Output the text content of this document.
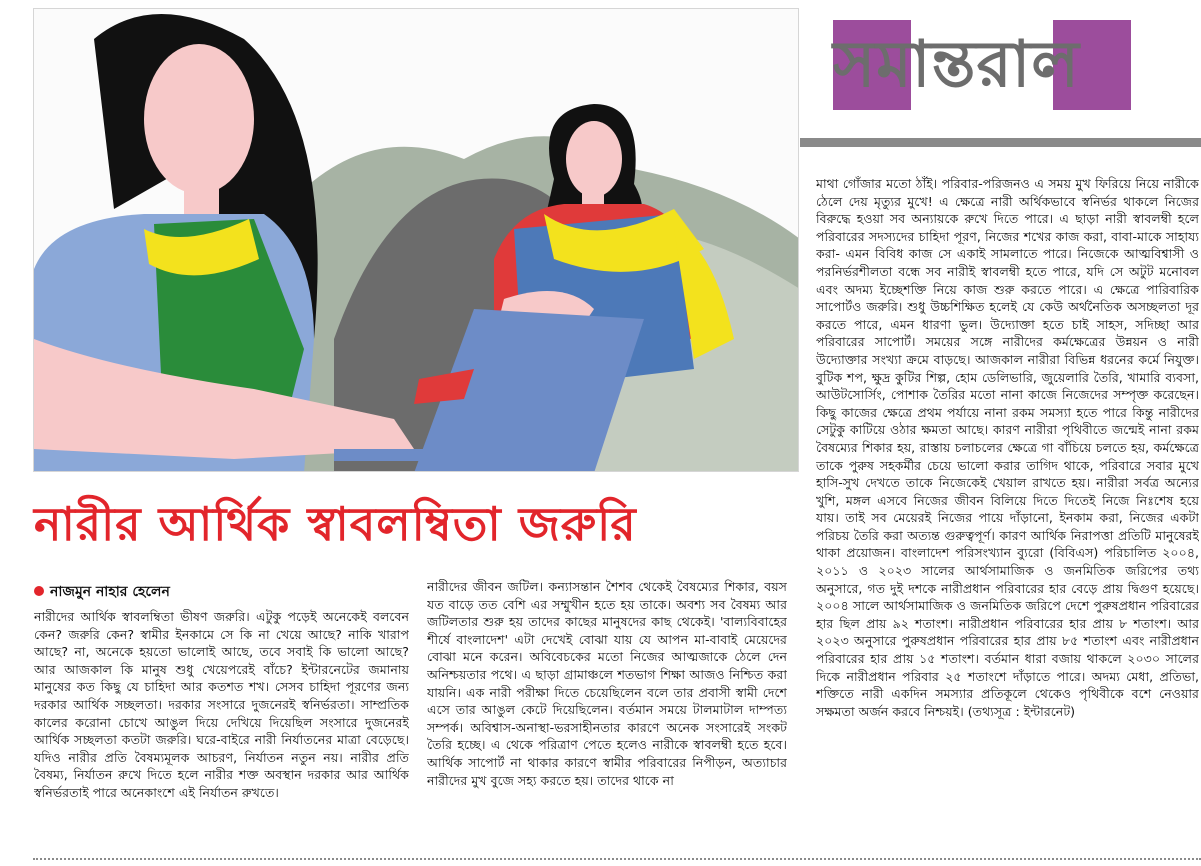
সমান্তরাল
নারীর আর্থিক স্বাবলম্বিতা জরুরি
নাজমুন নাহার হেলেন
নারীদের আর্থিক স্বাবলম্বিতা ভীষণ জরুরি। এটুকু পড়েই অনেকেই বলবেন কেন? জরুরি কেন? স্বামীর ইনকামে সে কি না খেয়ে আছে? নাকি খারাপ আছে? না, অনেকে হয়তো ভালোই আছে, তবে সবাই কি ভালো আছে? আর আজকাল কি মানুষ শুধু খেয়েপরেই বাঁচে? ইন্টারনেটের জমানায় মানুষের কত কিছু যে চাহিদা আর কতশত শখ। সেসব চাহিদা পূরণের জন্য দরকার আর্থিক সচ্ছলতা। দরকার সংসারে দুজনেরই স্বনির্ভরতা। সাম্প্রতিক কালের করোনা চোখে আঙুল দিয়ে দেখিয়ে দিয়েছিল সংসারে দুজনেরই আর্থিক সচ্ছলতা কতটা জরুরি। ঘরে-বাইরে নারী নির্যাতনের মাত্রা বেড়েছে। যদিও নারীর প্রতি বৈষম্যমূলক আচরণ, নির্যাতন নতুন নয়। নারীর প্রতি বৈষম্য, নির্যাতন রুখে দিতে হলে নারীর শক্ত অবস্থান দরকার আর আর্থিক স্বনির্ভরতাই পারে অনেকাংশে এই নির্যাতন রুখতে।
নারীদের জীবন জটিল। কন্যাসন্তান শৈশব থেকেই বৈষম্যের শিকার, বয়স যত বাড়ে তত বেশি এর সম্মুখীন হতে হয় তাকে। অবশ্য সব বৈষম্য আর জটিলতার শুরু হয় তাদের কাছের মানুষদের কাছ থেকেই। 'বাল্যবিবাহের শীর্ষে বাংলাদেশ' এটা দেখেই বোঝা যায় যে আপন মা-বাবাই মেয়েদের বোঝা মনে করেন। অবিবেচকের মতো নিজের আত্মজাকে ঠেলে দেন অনিশ্চয়তার পথে। এ ছাড়া গ্রামাঞ্চলে শতভাগ শিক্ষা আজও নিশ্চিত করা যায়নি। এক নারী পরীক্ষা দিতে চেয়েছিলেন বলে তার প্রবাসী স্বামী দেশে এসে তার আঙুল কেটে দিয়েছিলেন। বর্তমান সময়ে টালমাটাল দাম্পত্য সম্পর্ক। অবিশ্বাস-অনাস্থা-ভরসাহীনতার কারণে অনেক সংসারেই সংকট তৈরি হচ্ছে। এ থেকে পরিত্রাণ পেতে হলেও নারীকে স্বাবলম্বী হতে হবে। আর্থিক সাপোর্ট না থাকার কারণে স্বামীর পরিবারের নিপীড়ন, অত্যাচার নারীদের মুখ বুজে সহ্য করতে হয়। তাদের থাকে না
মাথা গোঁজার মতো ঠাঁই। পরিবার-পরিজনও এ সময় মুখ ফিরিয়ে নিয়ে নারীকে ঠেলে দেয় মৃত্যুর মুখে! এ ক্ষেত্রে নারী অর্থিকভাবে স্বনির্ভর থাকলে নিজের বিরুদ্ধে হওয়া সব অন্যায়কে রুখে দিতে পারে। এ ছাড়া নারী স্বাবলম্বী হলে পরিবারের সদস্যদের চাহিদা পূরণ, নিজের শখের কাজ করা, বাবা-মাকে সাহায্য করা- এমন বিবিধ কাজ সে একাই সামলাতে পারে। নিজেকে আত্মবিশ্বাসী ও পরনির্ভরশীলতা বন্ধে সব নারীই স্বাবলম্বী হতে পারে, যদি সে অটুট মনোবল এবং অদম্য ইচ্ছেশক্তি নিয়ে কাজ শুরু করতে পারে। এ ক্ষেত্রে পারিবারিক সাপোর্টও জরুরি। শুধু উচ্চশিক্ষিত হলেই যে কেউ অর্থনৈতিক অসচ্ছলতা দূর করতে পারে, এমন ধারণা ভুল। উদ্যোক্তা হতে চাই সাহস, সদিচ্ছা আর পরিবারের সাপোর্ট। সময়ের সঙ্গে নারীদের কর্মক্ষেত্রের উন্নয়ন ও নারী উদ্যোক্তার সংখ্যা ক্রমে বাড়ছে। আজকাল নারীরা বিভিন্ন ধরনের কর্মে নিযুক্ত। বুটিক শপ, ক্ষুদ্র কুটির শিল্প, হোম ডেলিভারি, জুয়েলারি তৈরি, খামারি ব্যবসা, আউটসোর্সিং, পোশাক তৈরির মতো নানা কাজে নিজেদের সম্পৃক্ত করেছেন। কিছু কাজের ক্ষেত্রে প্রথম পর্যায়ে নানা রকম সমস্যা হতে পারে কিন্তু নারীদের সেটুকু কাটিয়ে ওঠার ক্ষমতা আছে। কারণ নারীরা পৃথিবীতে জন্মেই নানা রকম বৈষম্যের শিকার হয়, রাস্তায় চলাচলের ক্ষেত্রে গা বাঁচিয়ে চলতে হয়, কর্মক্ষেত্রে তাকে পুরুষ সহকর্মীর চেয়ে ভালো করার তাগিদ থাকে, পরিবারে সবার মুখে হাসি-সুখ দেখতে তাকে নিজেকেই খেয়াল রাখতে হয়। নারীরা সর্বত্র অন্যের খুশি, মঙ্গল এসবে নিজের জীবন বিলিয়ে দিতে দিতেই নিজে নিঃশেষ হয়ে যায়। তাই সব মেয়েরই নিজের পায়ে দাঁড়ানো, ইনকাম করা, নিজের একটা পরিচয় তৈরি করা অত্যন্ত গুরুত্বপূর্ণ। কারণ আর্থিক নিরাপত্তা প্রতিটি মানুষেরই থাকা প্রয়োজন। বাংলাদেশ পরিসংখ্যান ব্যুরো (বিবিএস) পরিচালিত ২০০৪, ২০১১ ও ২০২৩ সালের আর্থসামাজিক ও জনমিতিক জরিপের তথ্য অনুসারে, গত দুই দশকে নারীপ্রধান পরিবারের হার বেড়ে প্রায় দ্বিগুণ হয়েছে। ২০০৪ সালে আর্থসামাজিক ও জনমিতিক জরিপে দেশে পুরুষপ্রধান পরিবারের হার ছিল প্রায় ৯২ শতাংশ। নারীপ্রধান পরিবারের হার প্রায় ৮ শতাংশ। আর ২০২৩ অনুসারে পুরুষপ্রধান পরিবারের হার প্রায় ৮৫ শতাংশ এবং নারীপ্রধান পরিবারের হার প্রায় ১৫ শতাংশ। বর্তমান ধারা বজায় থাকলে ২০৩০ সালের দিকে নারীপ্রধান পরিবার ২৫ শতাংশে দাঁড়াতে পারে। অদম্য মেধা, প্রতিভা, শক্তিতে নারী একদিন সমস্যার প্রতিকূলে থেকেও পৃথিবীকে বশে নেওয়ার সক্ষমতা অর্জন করবে নিশ্চয়ই। (তথ্যসূত্র : ইন্টারনেট)
